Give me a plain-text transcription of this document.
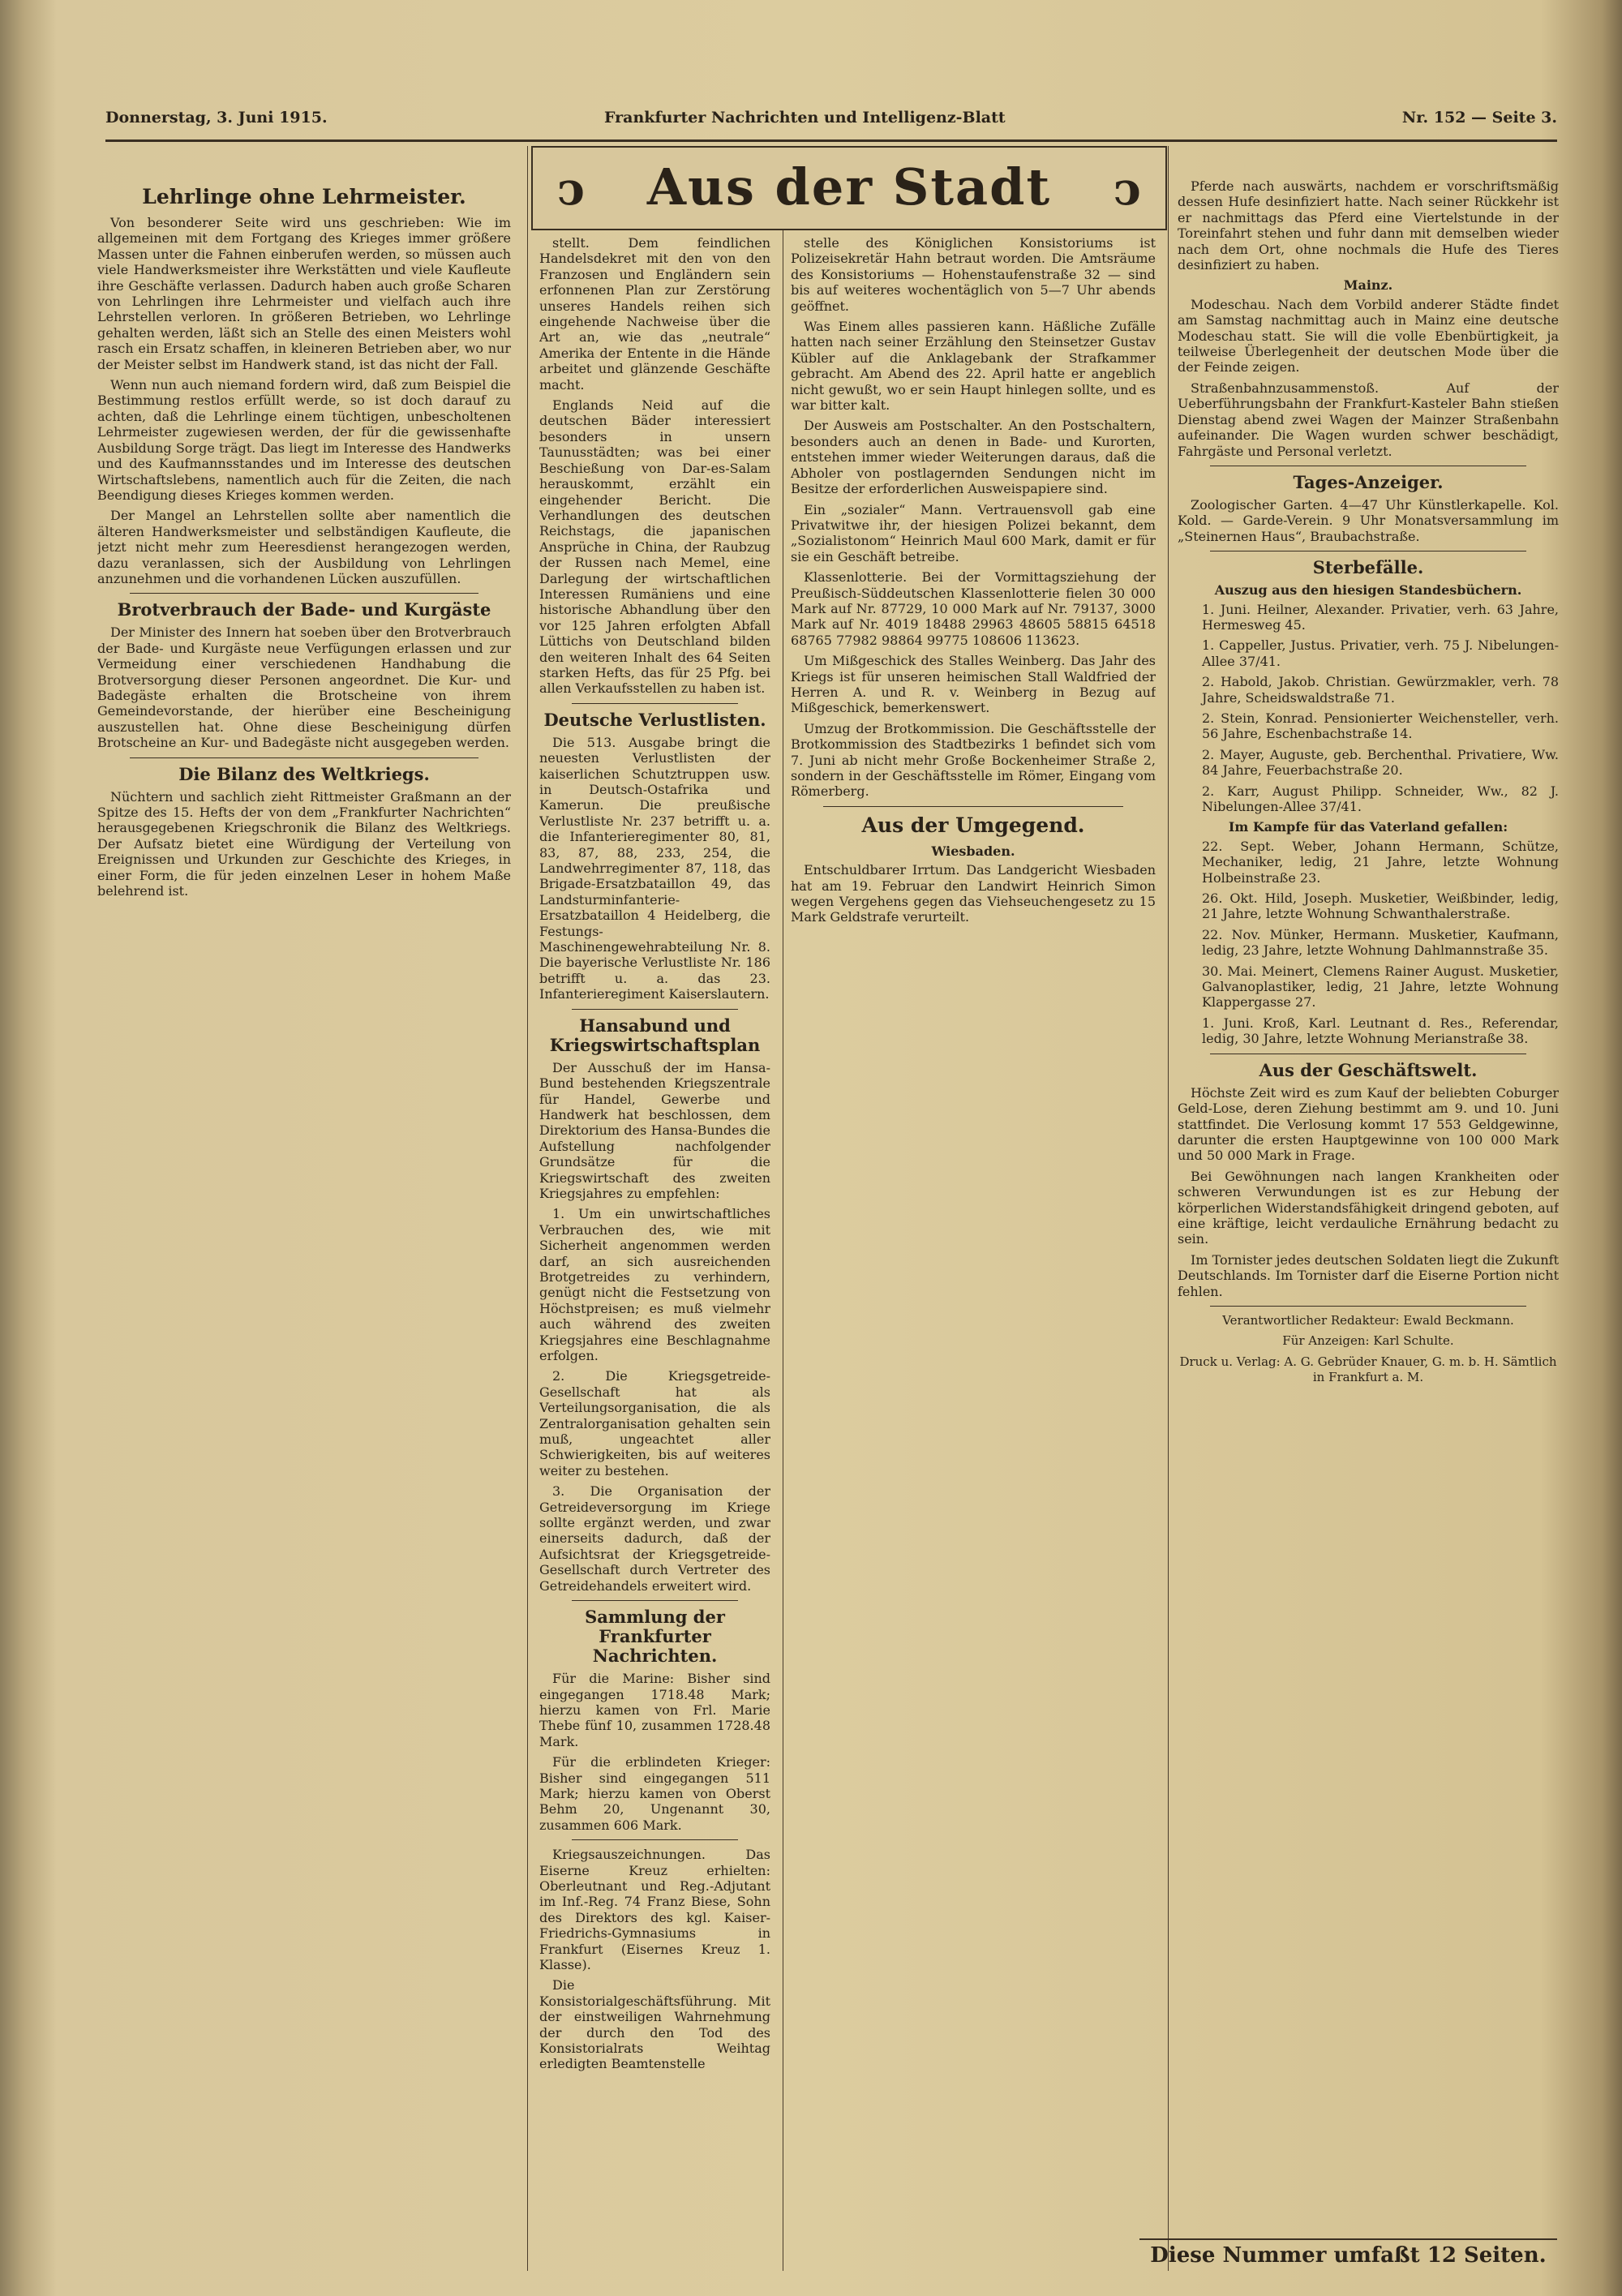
Donnerstag, 3. Juni 1915.	Frankfurter Nachrichten und Intelligenz-Blatt	Nr. 152 — Seite 3.
ↄ	Aus der Stadt	ↄ
Lehrlinge ohne Lehrmeister.

Von besonderer Seite wird uns geschrieben: Wie im allgemeinen mit dem Fortgang des Krieges immer größere Massen unter die Fahnen einberufen werden, so müssen auch viele Handwerksmeister ihre Werkstätten und viele Kaufleute ihre Geschäfte verlassen. Dadurch haben auch große Scharen von Lehrlingen ihre Lehrmeister und vielfach auch ihre Lehrstellen verloren. In größeren Betrieben, wo Lehrlinge gehalten werden, läßt sich an Stelle des einen Meisters wohl rasch ein Ersatz schaffen, in kleineren Betrieben aber, wo nur der Meister selbst im Handwerk stand, ist das nicht der Fall.

Wenn nun auch niemand fordern wird, daß zum Beispiel die Bestimmung restlos erfüllt werde, so ist doch darauf zu achten, daß die Lehrlinge einem tüchtigen, unbescholtenen Lehrmeister zugewiesen werden, der für die gewissenhafte Ausbildung Sorge trägt. Das liegt im Interesse des Handwerks und des Kaufmannsstandes und im Interesse des deutschen Wirtschaftslebens, namentlich auch für die Zeiten, die nach Beendigung dieses Krieges kommen werden.

Der Mangel an Lehrstellen sollte aber namentlich die älteren Handwerksmeister und selbständigen Kaufleute, die jetzt nicht mehr zum Heeresdienst herangezogen werden, dazu veranlassen, sich der Ausbildung von Lehrlingen anzunehmen und die vorhandenen Lücken auszufüllen.

Brotverbrauch der Bade- und Kurgäste

Der Minister des Innern hat soeben über den Brotverbrauch der Bade- und Kurgäste neue Verfügungen erlassen und zur Vermeidung einer verschiedenen Handhabung die Brotversorgung dieser Personen angeordnet. Die Kur- und Badegäste erhalten die Brotscheine von ihrem Gemeindevorstande, der hierüber eine Bescheinigung auszustellen hat. Ohne diese Bescheinigung dürfen Brotscheine an Kur- und Badegäste nicht ausgegeben werden.

Die Bilanz des Weltkriegs.

Nüchtern und sachlich zieht Rittmeister Graßmann an der Spitze des 15. Hefts der von dem „Frankfurter Nachrichten“ herausgegebenen Kriegschronik die Bilanz des Weltkriegs. Der Aufsatz bietet eine Würdigung der Verteilung von Ereignissen und Urkunden zur Geschichte des Krieges, in einer Form, die für jeden einzelnen Leser in hohem Maße belehrend ist.

stellt. Dem feindlichen Handelsdekret mit den von den Franzosen und Engländern sein erfonnenen Plan zur Zerstörung unseres Handels reihen sich eingehende Nachweise über die Art an, wie das „neutrale“ Amerika der Entente in die Hände arbeitet und glänzende Geschäfte macht.

Englands Neid auf die deutschen Bäder interessiert besonders in unsern Taunusstädten; was bei einer Beschießung von Dar-es-Salam herauskommt, erzählt ein eingehender Bericht. Die Verhandlungen des deutschen Reichstags, die japanischen Ansprüche in China, der Raubzug der Russen nach Memel, eine Darlegung der wirtschaftlichen Interessen Rumäniens und eine historische Abhandlung über den vor 125 Jahren erfolgten Abfall Lüttichs von Deutschland bilden den weiteren Inhalt des 64 Seiten starken Hefts, das für 25 Pfg. bei allen Verkaufsstellen zu haben ist.

Deutsche Verlustlisten.

Die 513. Ausgabe bringt die neuesten Verlustlisten der kaiserlichen Schutztruppen usw. in Deutsch-Ostafrika und Kamerun. Die preußische Verlustliste Nr. 237 betrifft u. a. die Infanterieregimenter 80, 81, 83, 87, 88, 233, 254, die Landwehrregimenter 87, 118, das Brigade-Ersatzbataillon 49, das Landsturminfanterie-Ersatzbataillon 4 Heidelberg, die Festungs-Maschinengewehrabteilung Nr. 8. Die bayerische Verlustliste Nr. 186 betrifft u. a. das 23. Infanterieregiment Kaiserslautern.

Hansabund und Kriegswirtschaftsplan

Der Ausschuß der im Hansa-Bund bestehenden Kriegszentrale für Handel, Gewerbe und Handwerk hat beschlossen, dem Direktorium des Hansa-Bundes die Aufstellung nachfolgender Grundsätze für die Kriegswirtschaft des zweiten Kriegsjahres zu empfehlen:

1. Um ein unwirtschaftliches Verbrauchen des, wie mit Sicherheit angenommen werden darf, an sich ausreichenden Brotgetreides zu verhindern, genügt nicht die Festsetzung von Höchstpreisen; es muß vielmehr auch während des zweiten Kriegsjahres eine Beschlagnahme erfolgen.

2. Die Kriegsgetreide-Gesellschaft hat als Verteilungsorganisation, die als Zentralorganisation gehalten sein muß, ungeachtet aller Schwierigkeiten, bis auf weiteres weiter zu bestehen.

3. Die Organisation der Getreideversorgung im Kriege sollte ergänzt werden, und zwar einerseits dadurch, daß der Aufsichtsrat der Kriegsgetreide-Gesellschaft durch Vertreter des Getreidehandels erweitert wird.

Sammlung der Frankfurter Nachrichten.

Für die Marine: Bisher sind eingegangen 1718.48 Mark; hierzu kamen von Frl. Marie Thebe fünf 10, zusammen 1728.48 Mark.

Für die erblindeten Krieger: Bisher sind eingegangen 511 Mark; hierzu kamen von Oberst Behm 20, Ungenannt 30, zusammen 606 Mark.

Kriegsauszeichnungen. Das Eiserne Kreuz erhielten: Oberleutnant und Reg.-Adjutant im Inf.-Reg. 74 Franz Biese, Sohn des Direktors des kgl. Kaiser-Friedrichs-Gymnasiums in Frankfurt (Eisernes Kreuz 1. Klasse).

Die Konsistorialgeschäftsführung. Mit der einstweiligen Wahrnehmung der durch den Tod des Konsistorialrats Weihtag erledigten Beamtenstelle

stelle des Königlichen Konsistoriums ist Polizeisekretär Hahn betraut worden. Die Amtsräume des Konsistoriums — Hohenstaufenstraße 32 — sind bis auf weiteres wochentäglich von 5—7 Uhr abends geöffnet.

Was Einem alles passieren kann. Häßliche Zufälle hatten nach seiner Erzählung den Steinsetzer Gustav Kübler auf die Anklagebank der Strafkammer gebracht. Am Abend des 22. April hatte er angeblich nicht gewußt, wo er sein Haupt hinlegen sollte, und es war bitter kalt.

Der Ausweis am Postschalter. An den Postschaltern, besonders auch an denen in Bade- und Kurorten, entstehen immer wieder Weiterungen daraus, daß die Abholer von postlagernden Sendungen nicht im Besitze der erforderlichen Ausweispapiere sind.

Ein „sozialer“ Mann. Vertrauensvoll gab eine Privatwitwe ihr, der hiesigen Polizei bekannt, dem „Sozialistonom“ Heinrich Maul 600 Mark, damit er für sie ein Geschäft betreibe.

Klassenlotterie. Bei der Vormittagsziehung der Preußisch-Süddeutschen Klassenlotterie fielen 30 000 Mark auf Nr. 87729, 10 000 Mark auf Nr. 79137, 3000 Mark auf Nr. 4019 18488 29963 48605 58815 64518 68765 77982 98864 99775 108606 113623.

Um Mißgeschick des Stalles Weinberg. Das Jahr des Kriegs ist für unseren heimischen Stall Waldfried der Herren A. und R. v. Weinberg in Bezug auf Mißgeschick, bemerkenswert.

Umzug der Brotkommission. Die Geschäftsstelle der Brotkommission des Stadtbezirks 1 befindet sich vom 7. Juni ab nicht mehr Große Bockenheimer Straße 2, sondern in der Geschäftsstelle im Römer, Eingang vom Römerberg.

Aus der Umgegend.

Wiesbaden.

Entschuldbarer Irrtum. Das Landgericht Wiesbaden hat am 19. Februar den Landwirt Heinrich Simon wegen Vergehens gegen das Viehseuchengesetz zu 15 Mark Geldstrafe verurteilt.

Pferde nach auswärts, nachdem er vorschriftsmäßig dessen Hufe desinfiziert hatte. Nach seiner Rückkehr ist er nachmittags das Pferd eine Viertelstunde in der Toreinfahrt stehen und fuhr dann mit demselben wieder nach dem Ort, ohne nochmals die Hufe des Tieres desinfiziert zu haben.

Mainz.

Modeschau. Nach dem Vorbild anderer Städte findet am Samstag nachmittag auch in Mainz eine deutsche Modeschau statt. Sie will die volle Ebenbürtigkeit, ja teilweise Überlegenheit der deutschen Mode über die der Feinde zeigen.

Straßenbahnzusammenstoß. Auf der Ueberführungsbahn der Frankfurt-Kasteler Bahn stießen Dienstag abend zwei Wagen der Mainzer Straßenbahn aufeinander. Die Wagen wurden schwer beschädigt, Fahrgäste und Personal verletzt.

Tages-Anzeiger.

Zoologischer Garten. 4—47 Uhr Künstlerkapelle. Kol. Kold. — Garde-Verein. 9 Uhr Monatsversammlung im „Steinernen Haus“, Braubachstraße.

Sterbefälle.

Auszug aus den hiesigen Standesbüchern.

1. Juni. Heilner, Alexander. Privatier, verh. 63 Jahre, Hermesweg 45.

1. Cappeller, Justus. Privatier, verh. 75 J. Nibelungen-Allee 37/41.

2. Habold, Jakob. Christian. Gewürzmakler, verh. 78 Jahre, Scheidswaldstraße 71.

2. Stein, Konrad. Pensionierter Weichensteller, verh. 56 Jahre, Eschenbachstraße 14.

2. Mayer, Auguste, geb. Berchenthal. Privatiere, Ww. 84 Jahre, Feuerbachstraße 20.

2. Karr, August Philipp. Schneider, Ww., 82 J. Nibelungen-Allee 37/41.

Im Kampfe für das Vaterland gefallen:

22. Sept. Weber, Johann Hermann, Schütze, Mechaniker, ledig, 21 Jahre, letzte Wohnung Holbeinstraße 23.

26. Okt. Hild, Joseph. Musketier, Weißbinder, ledig, 21 Jahre, letzte Wohnung Schwanthalerstraße.

22. Nov. Münker, Hermann. Musketier, Kaufmann, ledig, 23 Jahre, letzte Wohnung Dahlmannstraße 35.

30. Mai. Meinert, Clemens Rainer August. Musketier, Galvanoplastiker, ledig, 21 Jahre, letzte Wohnung Klappergasse 27.

1. Juni. Kroß, Karl. Leutnant d. Res., Referendar, ledig, 30 Jahre, letzte Wohnung Merianstraße 38.

Aus der Geschäftswelt.

Höchste Zeit wird es zum Kauf der beliebten Coburger Geld-Lose, deren Ziehung bestimmt am 9. und 10. Juni stattfindet. Die Verlosung kommt 17 553 Geldgewinne, darunter die ersten Hauptgewinne von 100 000 Mark und 50 000 Mark in Frage.

Bei Gewöhnungen nach langen Krankheiten oder schweren Verwundungen ist es zur Hebung der körperlichen Widerstandsfähigkeit dringend geboten, auf eine kräftige, leicht verdauliche Ernährung bedacht zu sein.

Im Tornister jedes deutschen Soldaten liegt die Zukunft Deutschlands. Im Tornister darf die Eiserne Portion nicht fehlen.

Verantwortlicher Redakteur: Ewald Beckmann.

Für Anzeigen: Karl Schulte.

Druck u. Verlag: A. G. Gebrüder Knauer, G. m. b. H. Sämtlich in Frankfurt a. M.

Diese Nummer umfaßt 12 Seiten.
